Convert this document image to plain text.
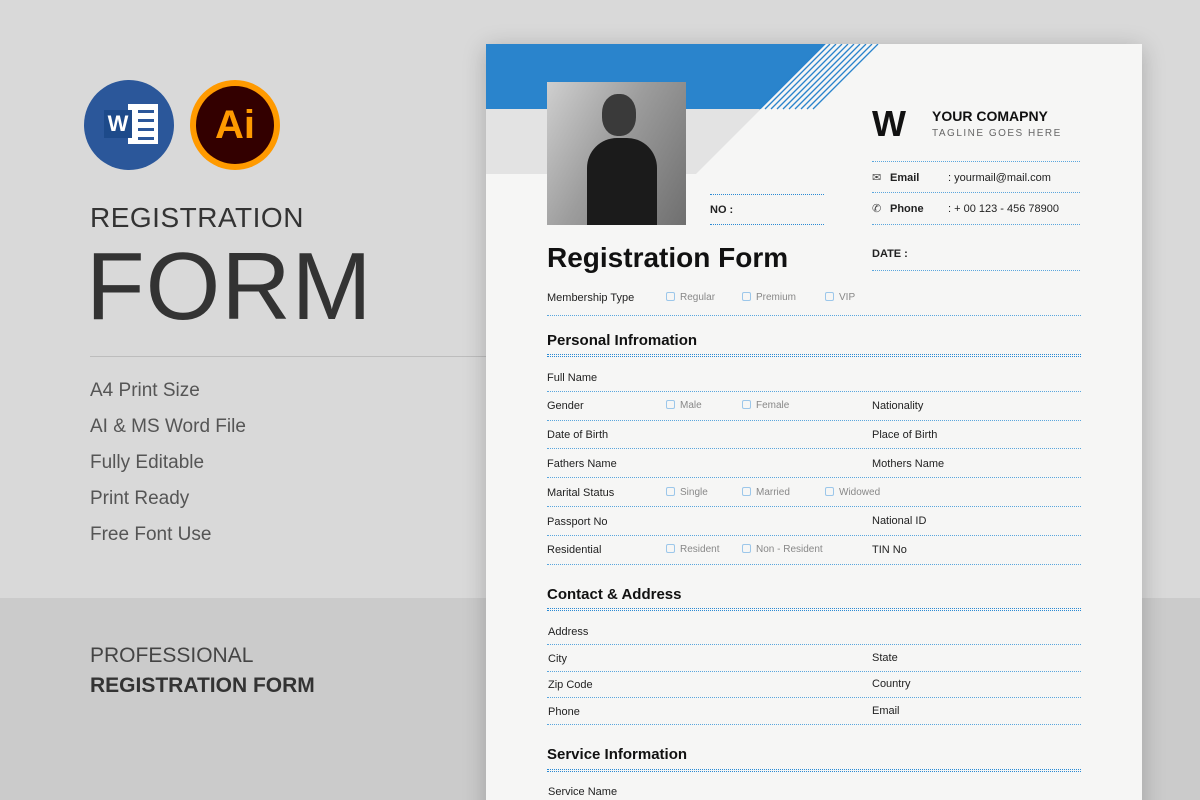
W	Ai
REGISTRATION
FORM
A4 Print Size
AI & MS Word File
Fully Editable
Print Ready
Free Font Use
PROFESSIONAL
REGISTRATION FORM
NO :
W YOUR COMAPNY
TAGLINE GOES HERE
✉ Email	: yourmail@mail.com
✆ Phone : + 00 123 - 456 78900
Registration Form	DATE :
Membership Type	Regular	Premium	VIP
Personal Infromation
Full Name
Gender	Male	Female	Nationality
Date of Birth	Place of Birth
Fathers Name	Mothers Name
Marital Status	Single	Married	Widowed
Passport No	National ID
Residential	Resident	Non - Resident	TIN No
Contact & Address
Address
City	State
Zip Code	Country
Phone	Email
Service Information
Service Name
